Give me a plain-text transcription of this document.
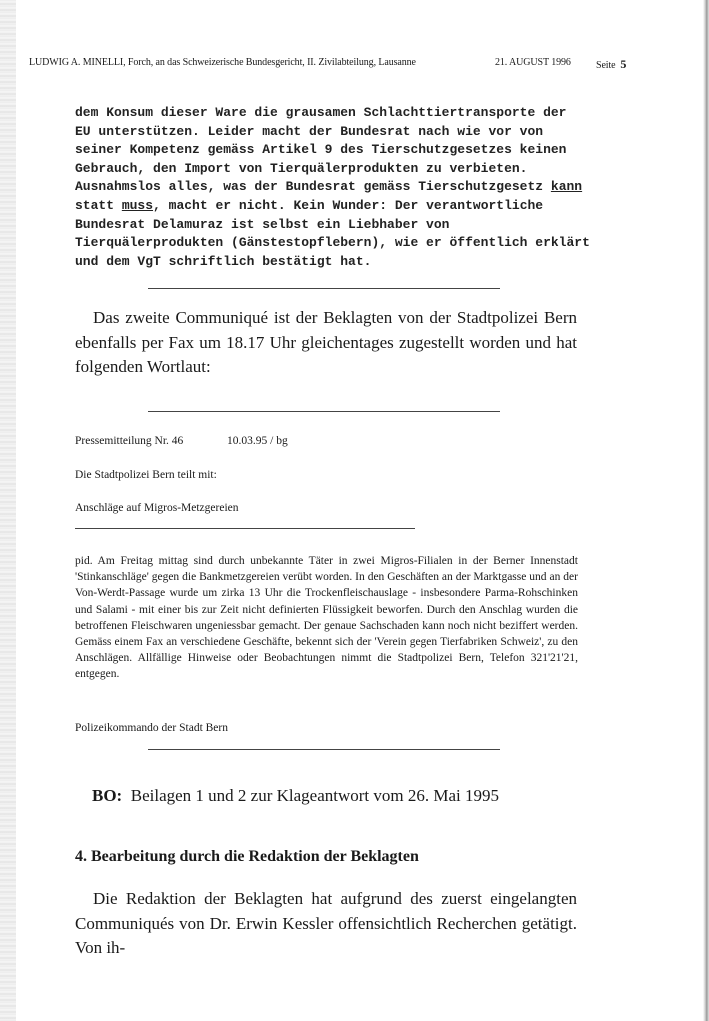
LUDWIG A. MINELLI, Forch, an das Schweizerische Bundesgericht, II. Zivilabteilung, Lausanne	21. AUGUST 1996	Seite 5

dem Konsum dieser Ware die grausamen Schlachttiertransporte der

EU unterstützen. Leider macht der Bundesrat nach wie vor von

seiner Kompetenz gemäss Artikel 9 des Tierschutzgesetzes keinen

Gebrauch, den Import von Tierquälerprodukten zu verbieten.

Ausnahmslos alles, was der Bundesrat gemäss Tierschutzgesetz kann

statt muss, macht er nicht. Kein Wunder: Der verantwortliche

Bundesrat Delamuraz ist selbst ein Liebhaber von

Tierquälerprodukten (Gänstestopflebern), wie er öffentlich erklärt

und dem VgT schriftlich bestätigt hat.

Das zweite Communiqué ist der Beklagten von der Stadtpolizei Bern ebenfalls per Fax um 18.17 Uhr gleichentages zugestellt worden und hat folgenden Wortlaut:

Pressemitteilung Nr. 46	10.03.95 / bg
Die Stadtpolizei Bern teilt mit:
Anschläge auf Migros-Metzgereien

pid. Am Freitag mittag sind durch unbekannte Täter in zwei Migros-Filialen in der Berner Innenstadt 'Stinkanschläge' gegen die Bankmetzgereien verübt worden. In den Geschäften an der Marktgasse und an der Von-Werdt-Passage wurde um zirka 13 Uhr die Trockenfleischauslage - insbesondere Parma-Rohschinken und Salami - mit einer bis zur Zeit nicht definierten Flüssigkeit beworfen. Durch den Anschlag wurden die betroffenen Fleischwaren ungeniessbar gemacht. Der genaue Sachschaden kann noch nicht beziffert werden. Gemäss einem Fax an verschiedene Geschäfte, bekennt sich der 'Verein gegen Tierfabriken Schweiz', zu den Anschlägen. Allfällige Hinweise oder Beobachtungen nimmt die Stadtpolizei Bern, Telefon 321'21'21, entgegen.

Polizeikommando der Stadt Bern
BO: Beilagen 1 und 2 zur Klageantwort vom 26. Mai 1995
4. Bearbeitung durch die Redaktion der Beklagten

Die Redaktion der Beklagten hat aufgrund des zuerst eingelangten Communiqués von Dr. Erwin Kessler offensichtlich Recherchen getätigt. Von ih-
